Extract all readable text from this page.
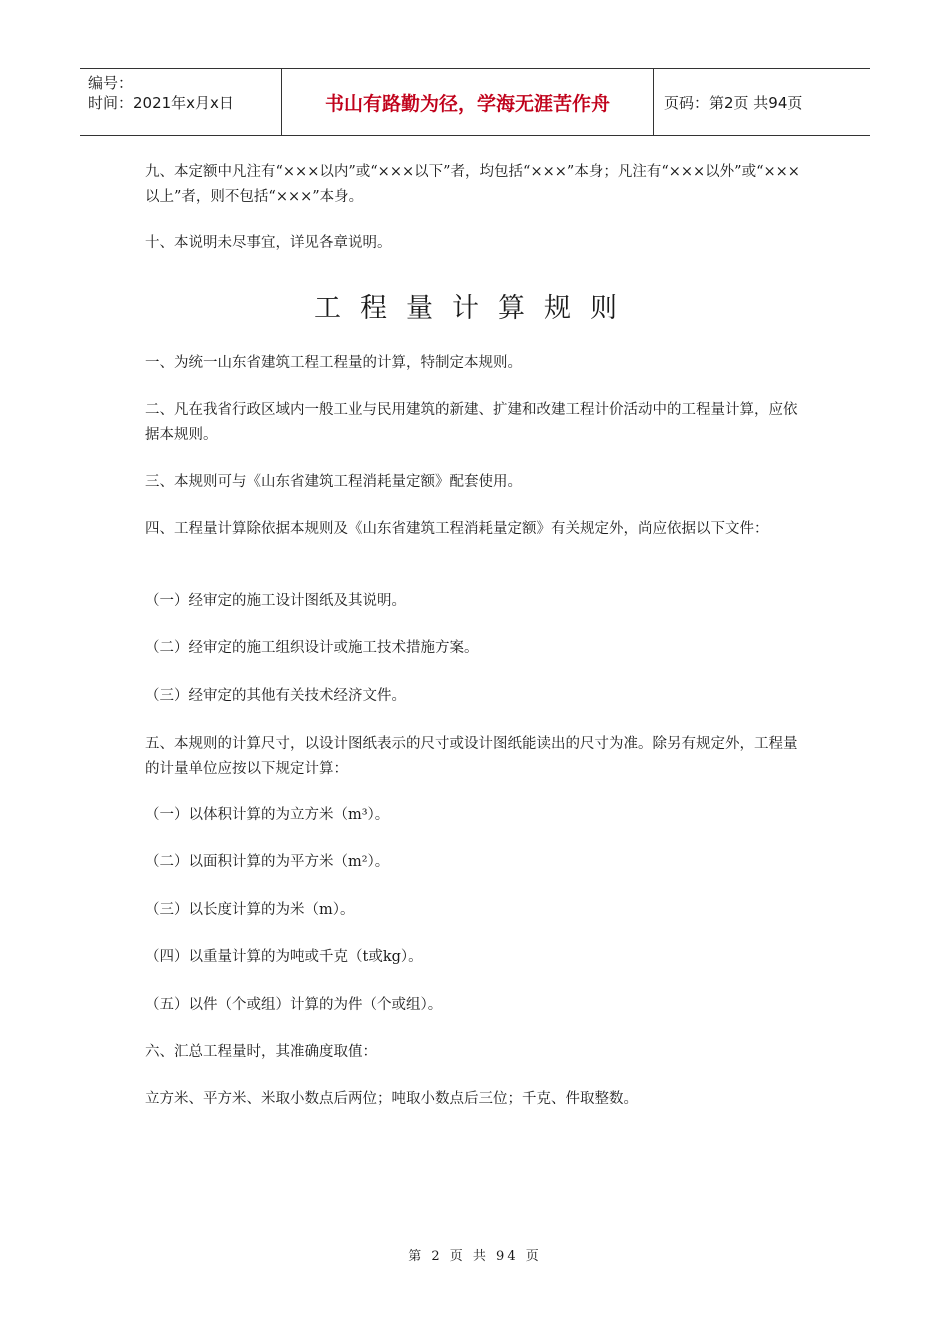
编号：
时间：2021年x月x日	书山有路勤为径，学海无涯苦作舟	页码：第2页 共94页

九、本定额中凡注有“×××以内”或“×××以下”者，均包括“×××”本身；凡注有“×××以外”或“×××以上”者，则不包括“×××”本身。

十、本说明未尽事宜，详见各章说明。

工程量计算规则

一、为统一山东省建筑工程工程量的计算，特制定本规则。

二、凡在我省行政区域内一般工业与民用建筑的新建、扩建和改建工程计价活动中的工程量计算，应依据本规则。

三、本规则可与《山东省建筑工程消耗量定额》配套使用。

四、工程量计算除依据本规则及《山东省建筑工程消耗量定额》有关规定外，尚应依据以下文件：

（一）经审定的施工设计图纸及其说明。

（二）经审定的施工组织设计或施工技术措施方案。

（三）经审定的其他有关技术经济文件。

五、本规则的计算尺寸，以设计图纸表示的尺寸或设计图纸能读出的尺寸为准。除另有规定外，工程量的计量单位应按以下规定计算：

（一）以体积计算的为立方米（m³）。

（二）以面积计算的为平方米（m²）。

（三）以长度计算的为米（m）。

（四）以重量计算的为吨或千克（t或kg）。

（五）以件（个或组）计算的为件（个或组）。

六、汇总工程量时，其准确度取值：

立方米、平方米、米取小数点后两位；吨取小数点后三位；千克、件取整数。

第 2 页 共 94 页
